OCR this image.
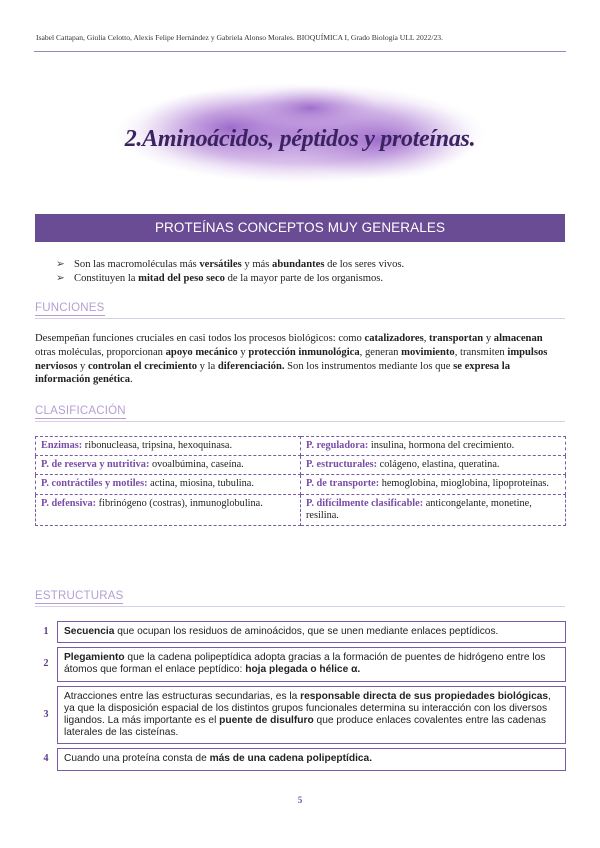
Isabel Cattapan, Giulia Celotto, Alexis Felipe Hernández y Gabriela Alonso Morales. BIOQUÍMICA I, Grado Biología ULL 2022/23.
2.Aminoácidos, péptidos y proteínas.
PROTEÍNAS CONCEPTOS MUY GENERALES
➢ Son las macromoléculas más versátiles y más abundantes de los seres vivos.
➢ Constituyen la mitad del peso seco de la mayor parte de los organismos.
FUNCIONES
Desempeñan funciones cruciales en casi todos los procesos biológicos: como catalizadores, transportan y almacenan otras moléculas, proporcionan apoyo mecánico y protección inmunológica, generan movimiento, transmiten impulsos nerviosos y controlan el crecimiento y la diferenciación. Son los instrumentos mediante los que se expresa la información genética.
CLASIFICACIÓN
Enzimas: ribonucleasa, tripsina, hexoquinasa.	P. reguladora: insulina, hormona del crecimiento.
P. de reserva y nutritiva: ovoalbúmina, caseína.	P. estructurales: colágeno, elastina, queratina.
P. contráctiles y motiles: actina, miosina, tubulina.	P. de transporte: hemoglobina, mioglobina, lipoproteínas.
P. defensiva: fibrinógeno (costras), inmunoglobulina.	P. difícilmente clasificable: anticongelante, monetine, resilina.
ESTRUCTURAS
1	Secuencia que ocupan los residuos de aminoácidos, que se unen mediante enlaces peptídicos.

2	Plegamiento que la cadena polipeptídica adopta gracias a la formación de puentes de hidrógeno entre los átomos que forman el enlace peptídico: hoja plegada o hélice α.

3	Atracciones entre las estructuras secundarias, es la responsable directa de sus propiedades biológicas, ya que la disposición espacial de los distintos grupos funcionales determina su interacción con los diversos ligandos. La más importante es el puente de disulfuro que produce enlaces covalentes entre las cadenas laterales de las cisteínas.

4	Cuando una proteína consta de más de una cadena polipeptídica.
5
